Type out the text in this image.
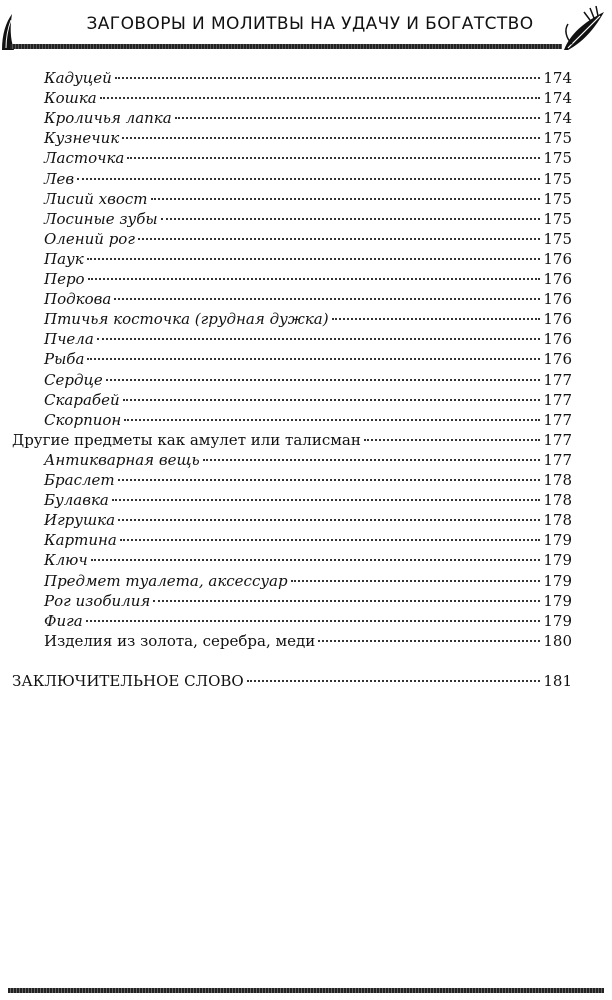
ЗАГОВОРЫ И МОЛИТВЫ НА УДАЧУ И БОГАТСТВО
Кадуцей	174
Кошка	174
Кроличья лапка	174
Кузнечик	175
Ласточка	175
Лев	175
Лисий хвост	175
Лосиные зубы	175
Олений рог	175
Паук	176
Перо	176
Подкова	176
Птичья косточка (грудная дужка)	176
Пчела	176
Рыба	176
Сердце	177
Скарабей	177
Скорпион	177
Другие предметы как амулет или талисман	177
Антикварная вещь	177
Браслет	178
Булавка	178
Игрушка	178
Картина	179
Ключ	179
Предмет туалета, аксессуар	179
Рог изобилия	179
Фига	179
Изделия из золота, серебра, меди	180
ЗАКЛЮЧИТЕЛЬНОЕ СЛОВО	181
